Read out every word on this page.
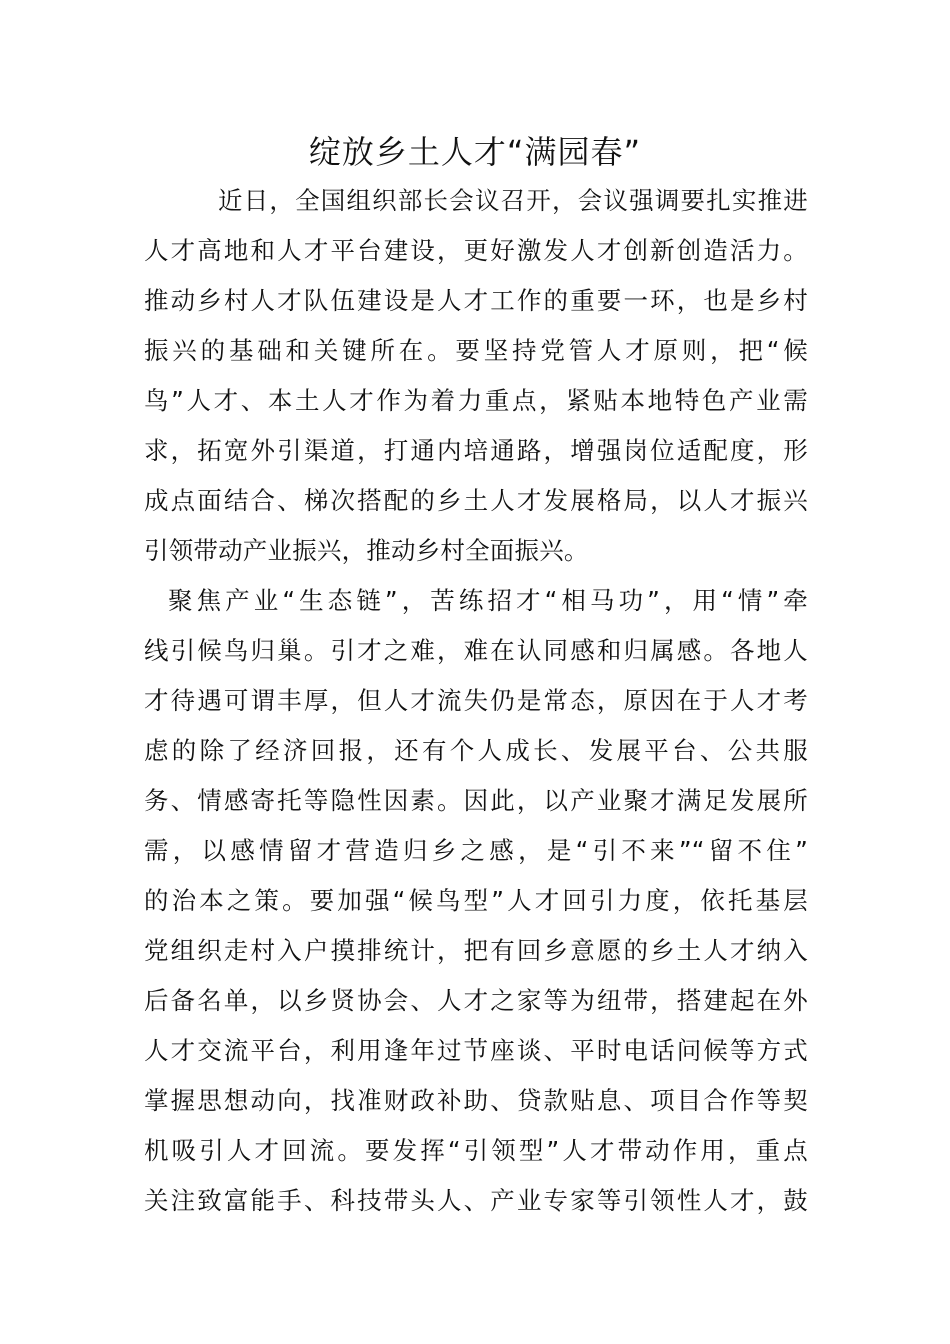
绽放乡土人才“满园春”
近日，全国组织部长会议召开，会议强调要扎实推进
人才高地和人才平台建设，更好激发人才创新创造活力。
推动乡村人才队伍建设是人才工作的重要一环，也是乡村
振兴的基础和关键所在。要坚持党管人才原则，把“候
鸟”人才、本土人才作为着力重点，紧贴本地特色产业需
求，拓宽外引渠道，打通内培通路，增强岗位适配度，形
成点面结合、梯次搭配的乡土人才发展格局，以人才振兴
引领带动产业振兴，推动乡村全面振兴。
聚焦产业“生态链”，苦练招才“相马功”，用“情”牵
线引候鸟归巢。引才之难，难在认同感和归属感。各地人
才待遇可谓丰厚，但人才流失仍是常态，原因在于人才考
虑的除了经济回报，还有个人成长、发展平台、公共服
务、情感寄托等隐性因素。因此，以产业聚才满足发展所
需，以感情留才营造归乡之感，是“引不来”“留不住”
的治本之策。要加强“候鸟型”人才回引力度，依托基层
党组织走村入户摸排统计，把有回乡意愿的乡土人才纳入
后备名单，以乡贤协会、人才之家等为纽带，搭建起在外
人才交流平台，利用逢年过节座谈、平时电话问候等方式
掌握思想动向，找准财政补助、贷款贴息、项目合作等契
机吸引人才回流。要发挥“引领型”人才带动作用，重点
关注致富能手、科技带头人、产业专家等引领性人才，鼓
